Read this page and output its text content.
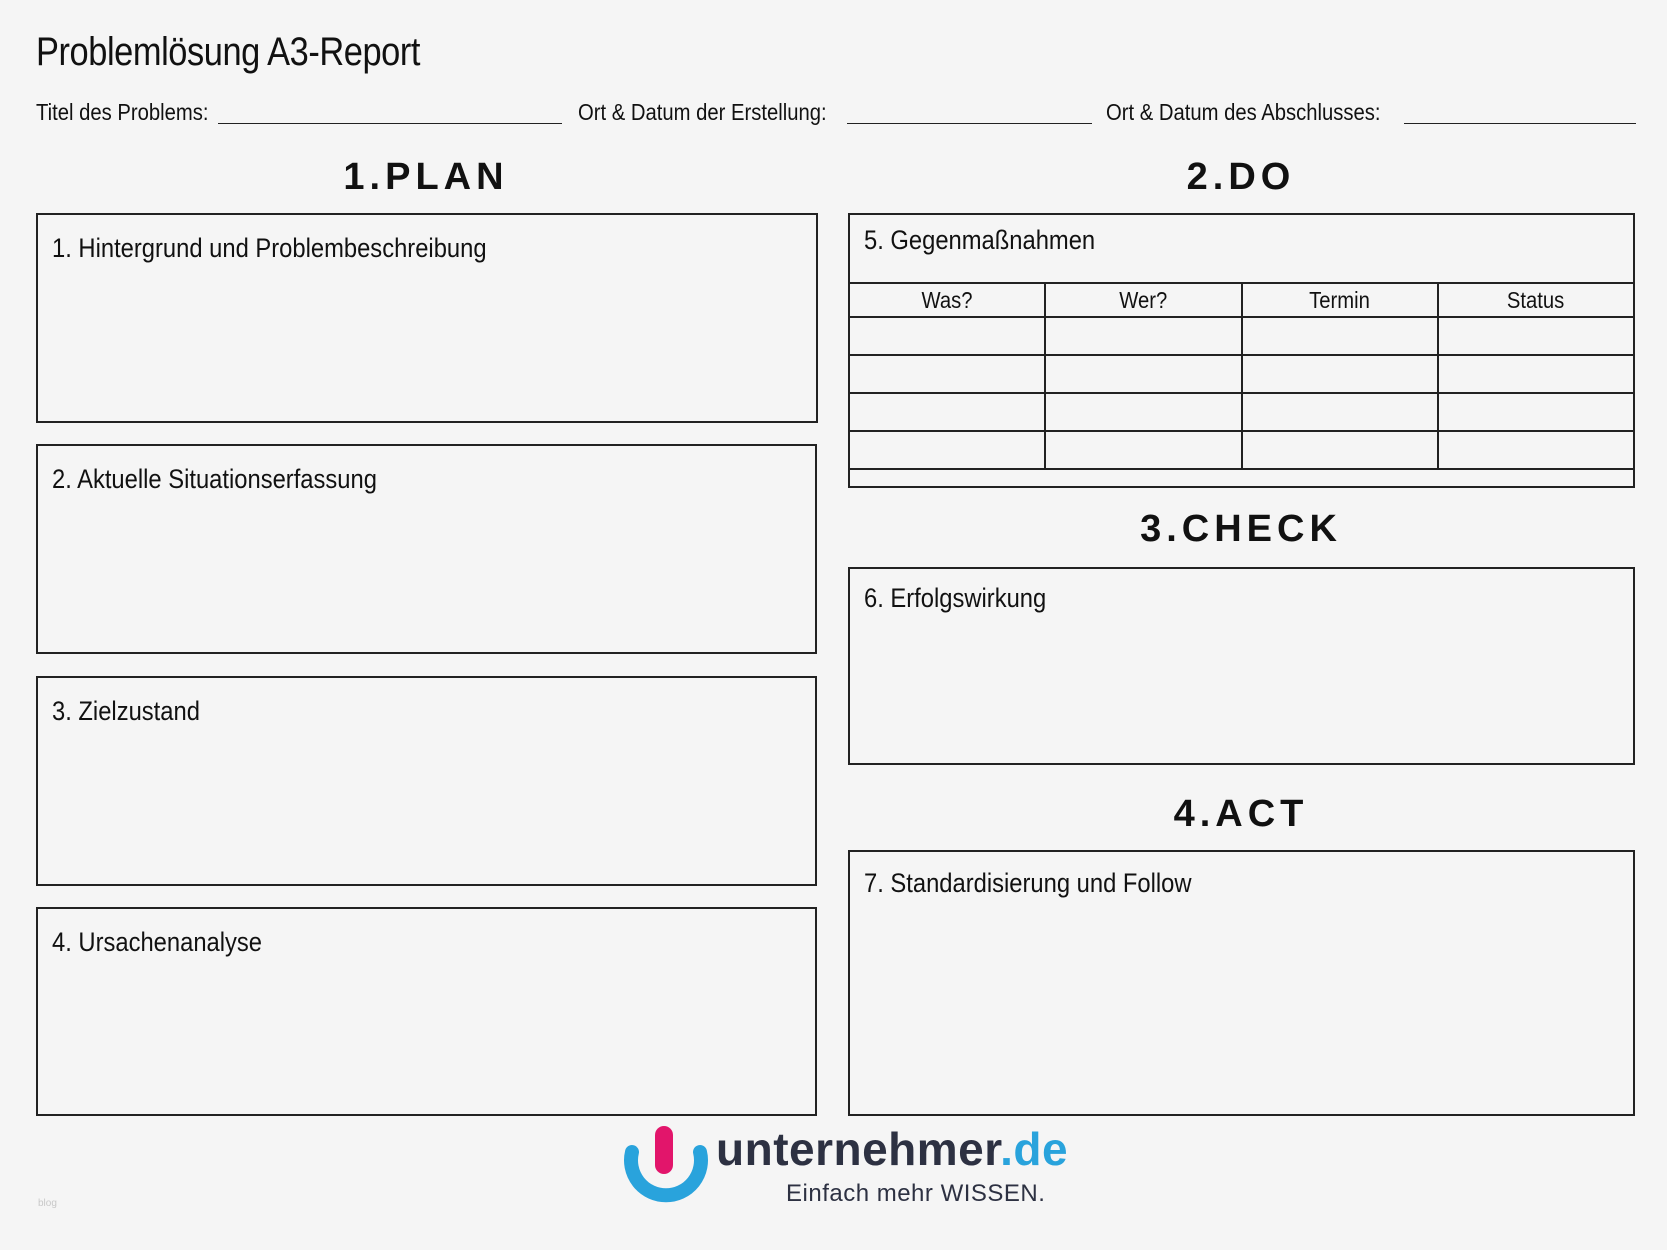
Problemlösung A3-Report
Titel des Problems:	Ort & Datum der Erstellung:	Ort & Datum des Abschlusses:
1.PLAN
1. Hintergrund und Problembeschreibung
2. Aktuelle Situationserfassung
3. Zielzustand
4. Ursachenanalyse
2.DO
5. Gegenmaßnahmen
Was?	Wer?	Termin	Status

3.CHECK
6. Erfolgswirkung
4.ACT
7. Standardisierung und Follow
unternehmer.de
Einfach mehr WISSEN.
blog
